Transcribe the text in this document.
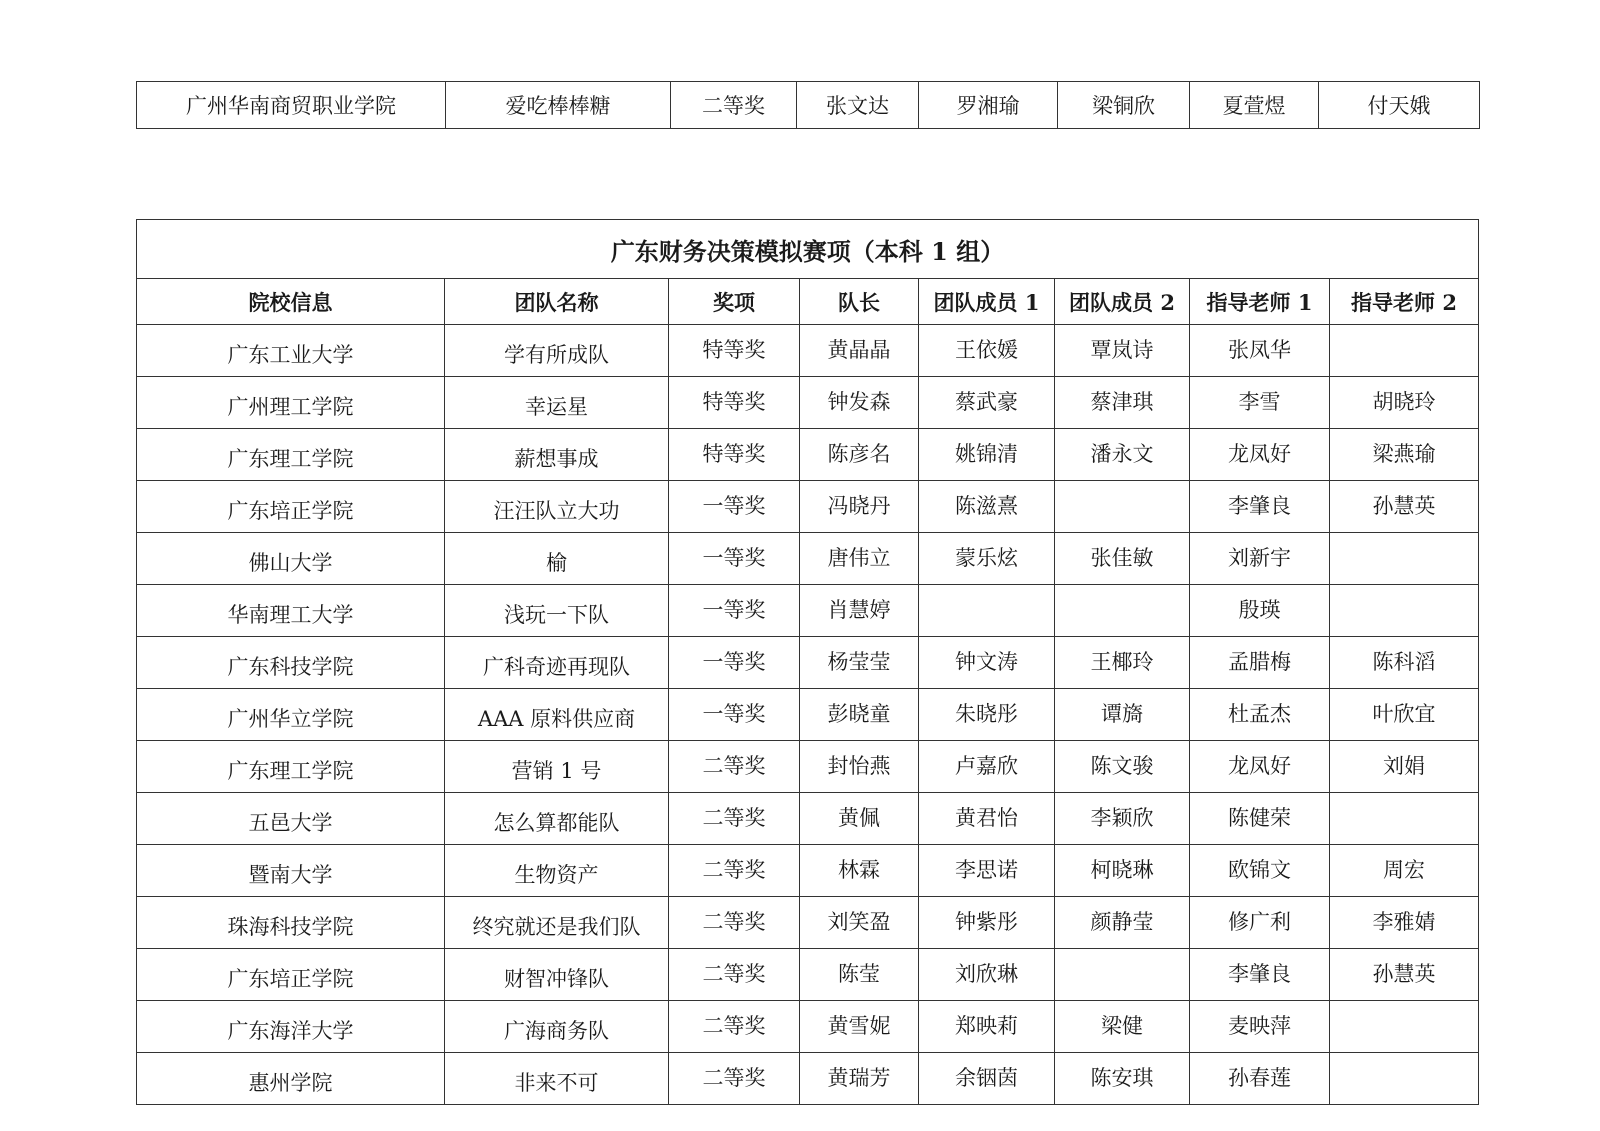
广州华南商贸职业学院	爱吃棒棒糖	二等奖	张文达	罗湘瑜	梁铜欣	夏萱煜	付天娥
广东财务决策模拟赛项（本科 1 组）							
院校信息	团队名称	奖项	队长	团队成员 1	团队成员 2	指导老师 1	指导老师 2
广东工业大学	学有所成队	特等奖	黄晶晶	王依媛	覃岚诗	张凤华	
广州理工学院	幸运星	特等奖	钟发森	蔡武豪	蔡津琪	李雪	胡晓玲
广东理工学院	薪想事成	特等奖	陈彦名	姚锦清	潘永文	龙凤好	梁燕瑜
广东培正学院	汪汪队立大功	一等奖	冯晓丹	陈滋熹		李肇良	孙慧英
佛山大学	榆	一等奖	唐伟立	蒙乐炫	张佳敏	刘新宇	
华南理工大学	浅玩一下队	一等奖	肖慧婷			殷瑛	
广东科技学院	广科奇迹再现队	一等奖	杨莹莹	钟文涛	王椰玲	孟腊梅	陈科滔
广州华立学院	AAA 原料供应商	一等奖	彭晓童	朱晓彤	谭旖	杜孟杰	叶欣宜
广东理工学院	营销 1 号	二等奖	封怡燕	卢嘉欣	陈文骏	龙凤好	刘娟
五邑大学	怎么算都能队	二等奖	黄佩	黄君怡	李颖欣	陈健荣	
暨南大学	生物资产	二等奖	林霖	李思诺	柯晓琳	欧锦文	周宏
珠海科技学院	终究就还是我们队	二等奖	刘笑盈	钟紫彤	颜静莹	修广利	李雅婧
广东培正学院	财智冲锋队	二等奖	陈莹	刘欣琳		李肇良	孙慧英
广东海洋大学	广海商务队	二等奖	黄雪妮	郑映莉	梁健	麦映萍	
惠州学院	非来不可	二等奖	黄瑞芳	余铟茵	陈安琪	孙春莲	
